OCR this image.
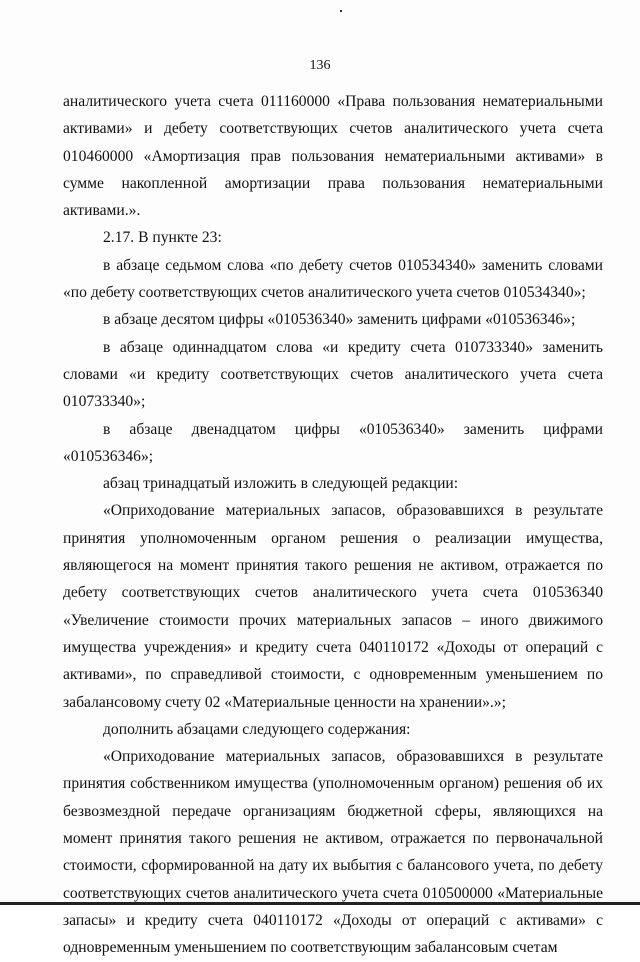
136

аналитического учета счета 011160000 «Права пользования нематериальными активами» и дебету соответствующих счетов аналитического учета счета 010460000 «Амортизация прав пользования нематериальными активами» в сумме накопленной амортизации права пользования нематериальными активами.».

2.17. В пункте 23:

в абзаце седьмом слова «по дебету счетов 010534340» заменить словами «по дебету соответствующих счетов аналитического учета счетов 010534340»;

в абзаце десятом цифры «010536340» заменить цифрами «010536346»;

в абзаце одиннадцатом слова «и кредиту счета 010733340» заменить словами «и кредиту соответствующих счетов аналитического учета счета 010733340»;

в абзаце двенадцатом цифры «010536340» заменить цифрами «010536346»;

абзац тринадцатый изложить в следующей редакции:

«Оприходование материальных запасов, образовавшихся в результате принятия уполномоченным органом решения о реализации имущества, являющегося на момент принятия такого решения не активом, отражается по дебету соответствующих счетов аналитического учета счета 010536340 «Увеличение стоимости прочих материальных запасов – иного движимого имущества учреждения» и кредиту счета 040110172 «Доходы от операций с активами», по справедливой стоимости, с одновременным уменьшением по забалансовому счету 02 «Материальные ценности на хранении».»;

дополнить абзацами следующего содержания:

«Оприходование материальных запасов, образовавшихся в результате принятия собственником имущества (уполномоченным органом) решения об их безвозмездной передаче организациям бюджетной сферы, являющихся на момент принятия такого решения не активом, отражается по первоначальной стоимости, сформированной на дату их выбытия с балансового учета, по дебету соответствующих счетов аналитического учета счета 010500000 «Материальные запасы» и кредиту счета 040110172 «Доходы от операций с активами» с одновременным уменьшением по соответствующим забалансовым счетам
